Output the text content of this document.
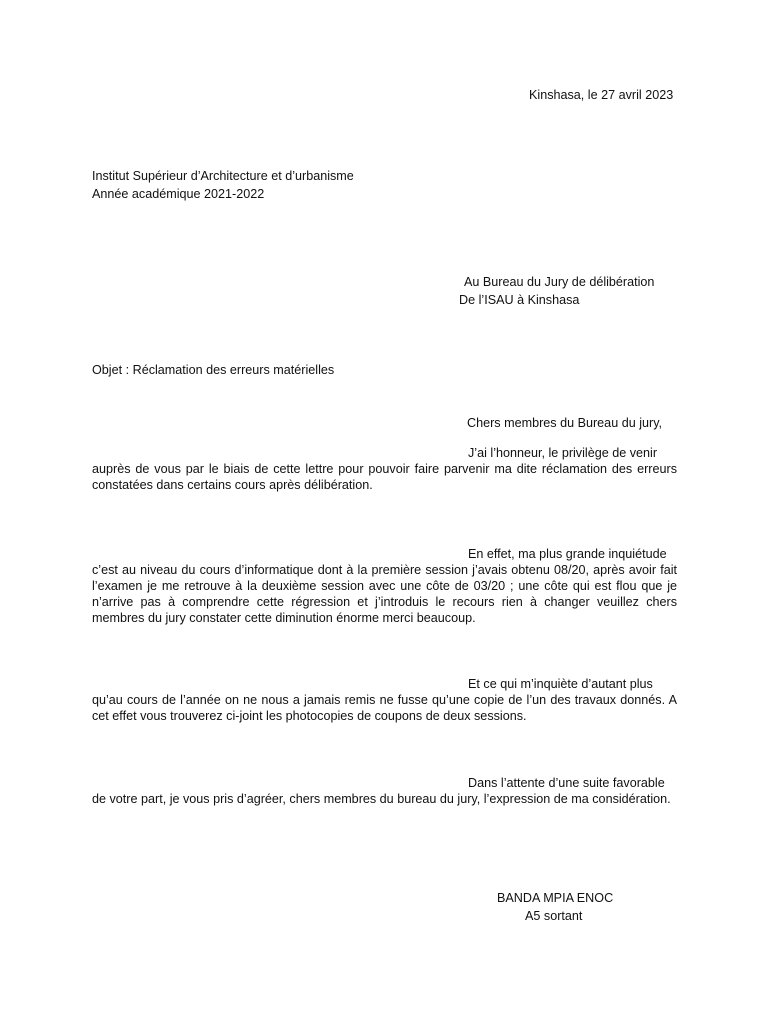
Kinshasa, le 27 avril 2023
Institut Supérieur d’Architecture et d’urbanisme
Année académique 2021-2022
Au Bureau du Jury de délibération
De l’ISAU à Kinshasa
Objet : Réclamation des erreurs matérielles
Chers membres du Bureau du jury,
J’ai l’honneur, le privilège de venir
auprès de vous par le biais de cette lettre pour pouvoir faire parvenir ma dite réclamation des erreurs constatées dans certains cours après délibération.
En effet, ma plus grande inquiétude
c’est au niveau du cours d’informatique dont à la première session j’avais obtenu 08/20, après avoir fait l’examen je me retrouve à la deuxième session avec une côte de 03/20 ; une côte qui est flou que je n’arrive pas à comprendre cette régression et j’introduis le recours rien à changer veuillez chers membres du jury constater cette diminution énorme merci beaucoup.
Et ce qui m’inquiète d’autant plus
qu’au cours de l’année on ne nous a jamais remis ne fusse qu’une copie de l’un des travaux donnés. A cet effet vous trouverez ci-joint les photocopies de coupons de deux sessions.
Dans l’attente d’une suite favorable
de votre part, je vous pris d’agréer, chers membres du bureau du jury, l’expression de ma considération.
BANDA MPIA ENOC
A5 sortant
